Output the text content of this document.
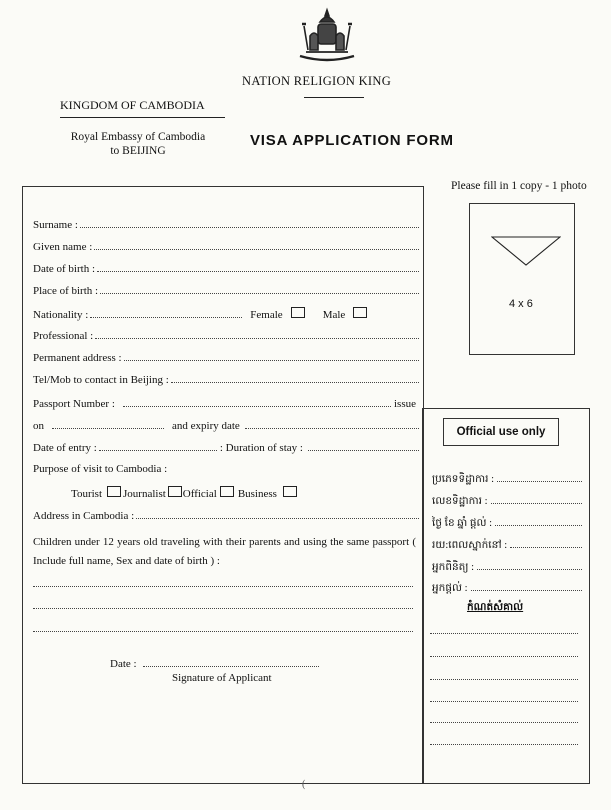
NATION RELIGION KING
KINGDOM OF CAMBODIA
Royal Embassy of Cambodia
to BEIJING
VISA APPLICATION FORM
Please fill in 1 copy - 1 photo
4 x 6
Official use only
Surname :
Given name :
Date of birth :
Place of birth :
Nationality :	Female	Male
Professional :
Permanent address :
Tel/Mob to contact in Beijing :
Passport Number :	issue
on	and expiry date
Date of entry :	: Duration of stay :
Purpose of visit to Cambodia :
Tourist Journalist Official Business
Address in Cambodia :
Children under 12 years old traveling with their parents and using the same passport ( Include full name, Sex and date of birth ) :
Date :
Signature of Applicant
ប្រភេទទិដ្ឋាការ :
លេខទិដ្ឋាការ :
ថ្ងៃ ខែ ឆ្នាំ ផ្តល់ :
រយ:ពេលស្នាក់នៅ :
អ្នកពិនិត្យ :
អ្នកផ្តល់ :
កំណត់សំគាល់
(
